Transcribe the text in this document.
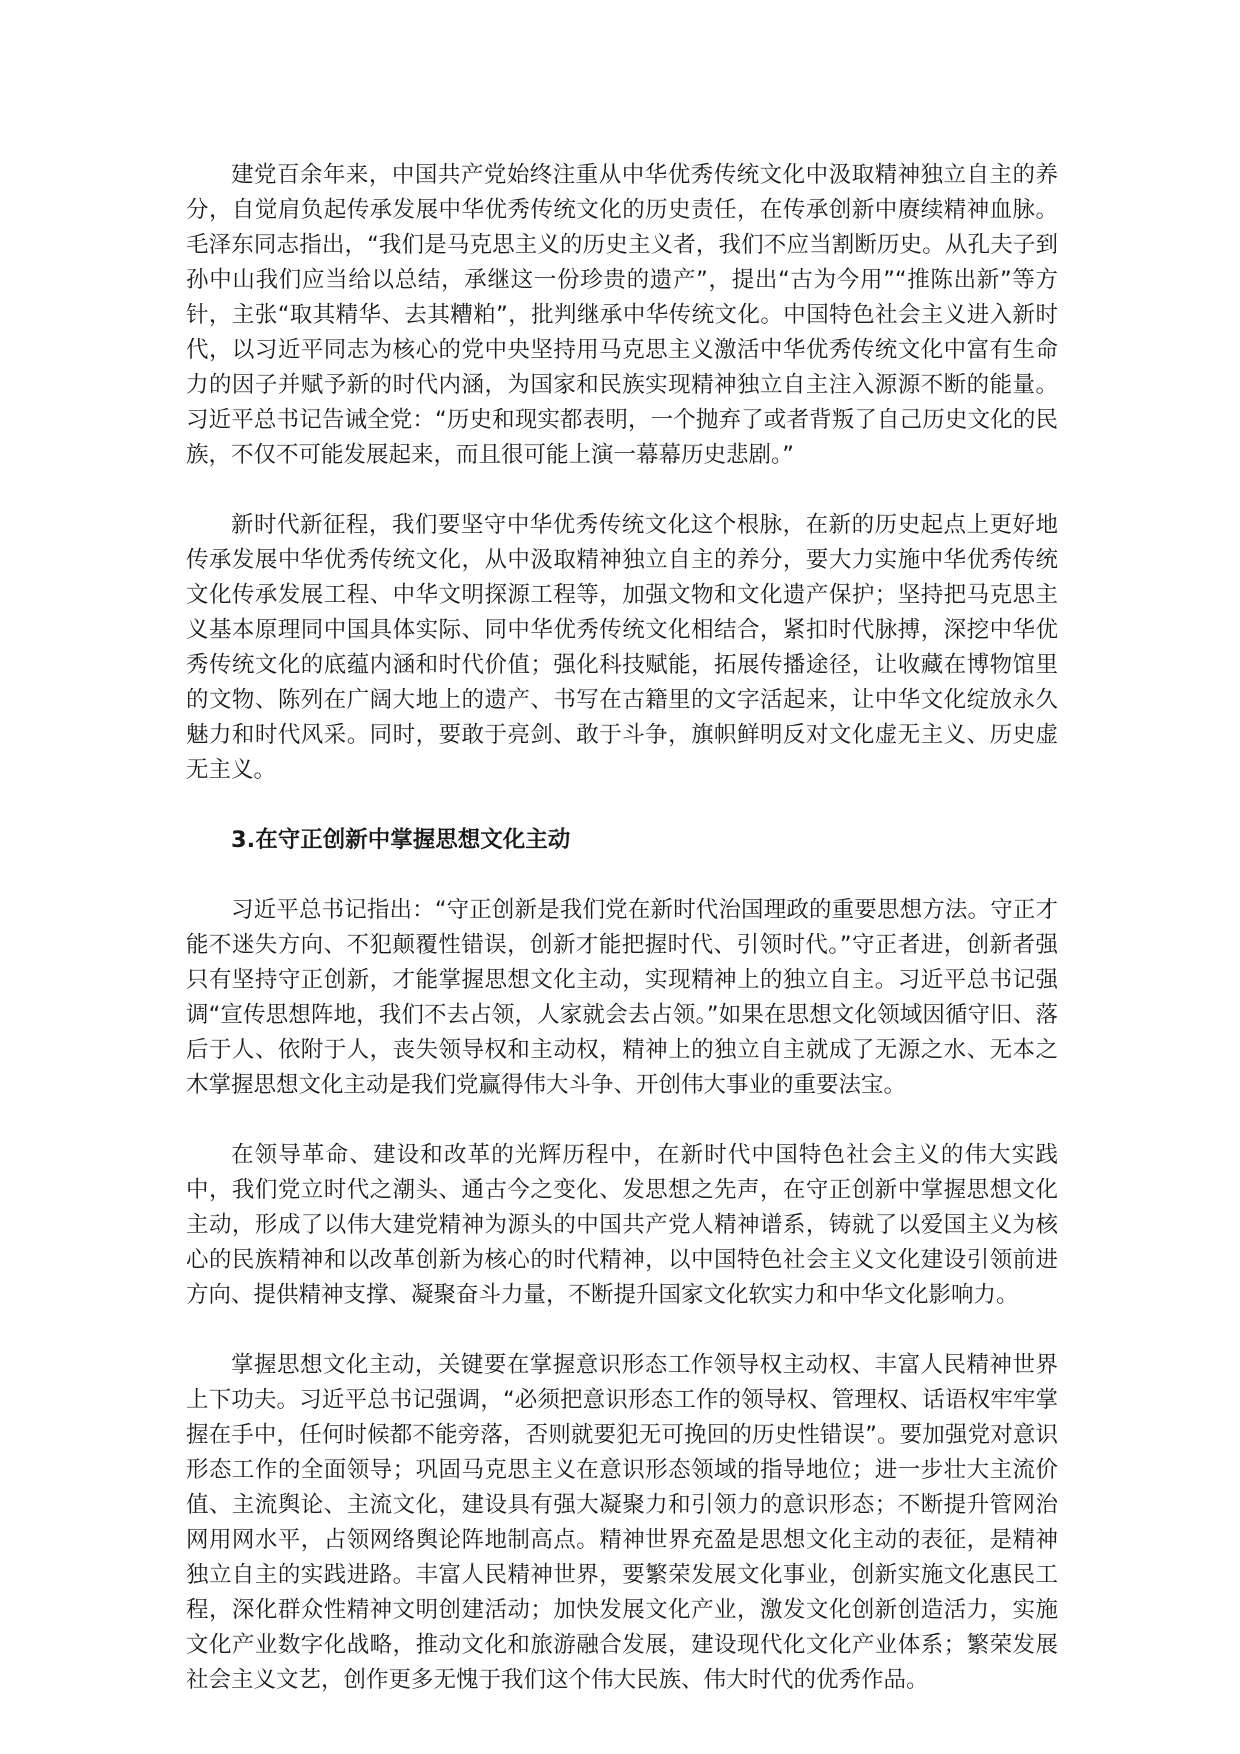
建党百余年来，中国共产党始终注重从中华优秀传统文化中汲取精神独立自主的养分，自觉肩负起传承发展中华优秀传统文化的历史责任，在传承创新中赓续精神血脉。毛泽东同志指出，“我们是马克思主义的历史主义者，我们不应当割断历史。从孔夫子到孙中山我们应当给以总结，承继这一份珍贵的遗产”，提出“古为今用”“推陈出新”等方针，主张“取其精华、去其糟粕”，批判继承中华传统文化。中国特色社会主义进入新时代，以习近平同志为核心的党中央坚持用马克思主义激活中华优秀传统文化中富有生命力的因子并赋予新的时代内涵，为国家和民族实现精神独立自主注入源源不断的能量。习近平总书记告诫全党：“历史和现实都表明，一个抛弃了或者背叛了自己历史文化的民族，不仅不可能发展起来，而且很可能上演一幕幕历史悲剧。”

新时代新征程，我们要坚守中华优秀传统文化这个根脉，在新的历史起点上更好地传承发展中华优秀传统文化，从中汲取精神独立自主的养分，要大力实施中华优秀传统文化传承发展工程、中华文明探源工程等，加强文物和文化遗产保护；坚持把马克思主义基本原理同中国具体实际、同中华优秀传统文化相结合，紧扣时代脉搏，深挖中华优秀传统文化的底蕴内涵和时代价值；强化科技赋能，拓展传播途径，让收藏在博物馆里的文物、陈列在广阔大地上的遗产、书写在古籍里的文字活起来，让中华文化绽放永久魅力和时代风采。同时，要敢于亮剑、敢于斗争，旗帜鲜明反对文化虚无主义、历史虚无主义。

3.在守正创新中掌握思想文化主动

习近平总书记指出：“守正创新是我们党在新时代治国理政的重要思想方法。守正才能不迷失方向、不犯颠覆性错误，创新才能把握时代、引领时代。”守正者进，创新者强只有坚持守正创新，才能掌握思想文化主动，实现精神上的独立自主。习近平总书记强调“宣传思想阵地，我们不去占领，人家就会去占领。”如果在思想文化领域因循守旧、落后于人、依附于人，丧失领导权和主动权，精神上的独立自主就成了无源之水、无本之木掌握思想文化主动是我们党赢得伟大斗争、开创伟大事业的重要法宝。

在领导革命、建设和改革的光辉历程中，在新时代中国特色社会主义的伟大实践中，我们党立时代之潮头、通古今之变化、发思想之先声，在守正创新中掌握思想文化主动，形成了以伟大建党精神为源头的中国共产党人精神谱系，铸就了以爱国主义为核心的民族精神和以改革创新为核心的时代精神，以中国特色社会主义文化建设引领前进方向、提供精神支撑、凝聚奋斗力量，不断提升国家文化软实力和中华文化影响力。

掌握思想文化主动，关键要在掌握意识形态工作领导权主动权、丰富人民精神世界上下功夫。习近平总书记强调，“必须把意识形态工作的领导权、管理权、话语权牢牢掌握在手中，任何时候都不能旁落，否则就要犯无可挽回的历史性错误”。要加强党对意识形态工作的全面领导；巩固马克思主义在意识形态领域的指导地位；进一步壮大主流价值、主流舆论、主流文化，建设具有强大凝聚力和引领力的意识形态；不断提升管网治网用网水平，占领网络舆论阵地制高点。精神世界充盈是思想文化主动的表征，是精神独立自主的实践进路。丰富人民精神世界，要繁荣发展文化事业，创新实施文化惠民工程，深化群众性精神文明创建活动；加快发展文化产业，激发文化创新创造活力，实施文化产业数字化战略，推动文化和旅游融合发展，建设现代化文化产业体系；繁荣发展社会主义文艺，创作更多无愧于我们这个伟大民族、伟大时代的优秀作品。
